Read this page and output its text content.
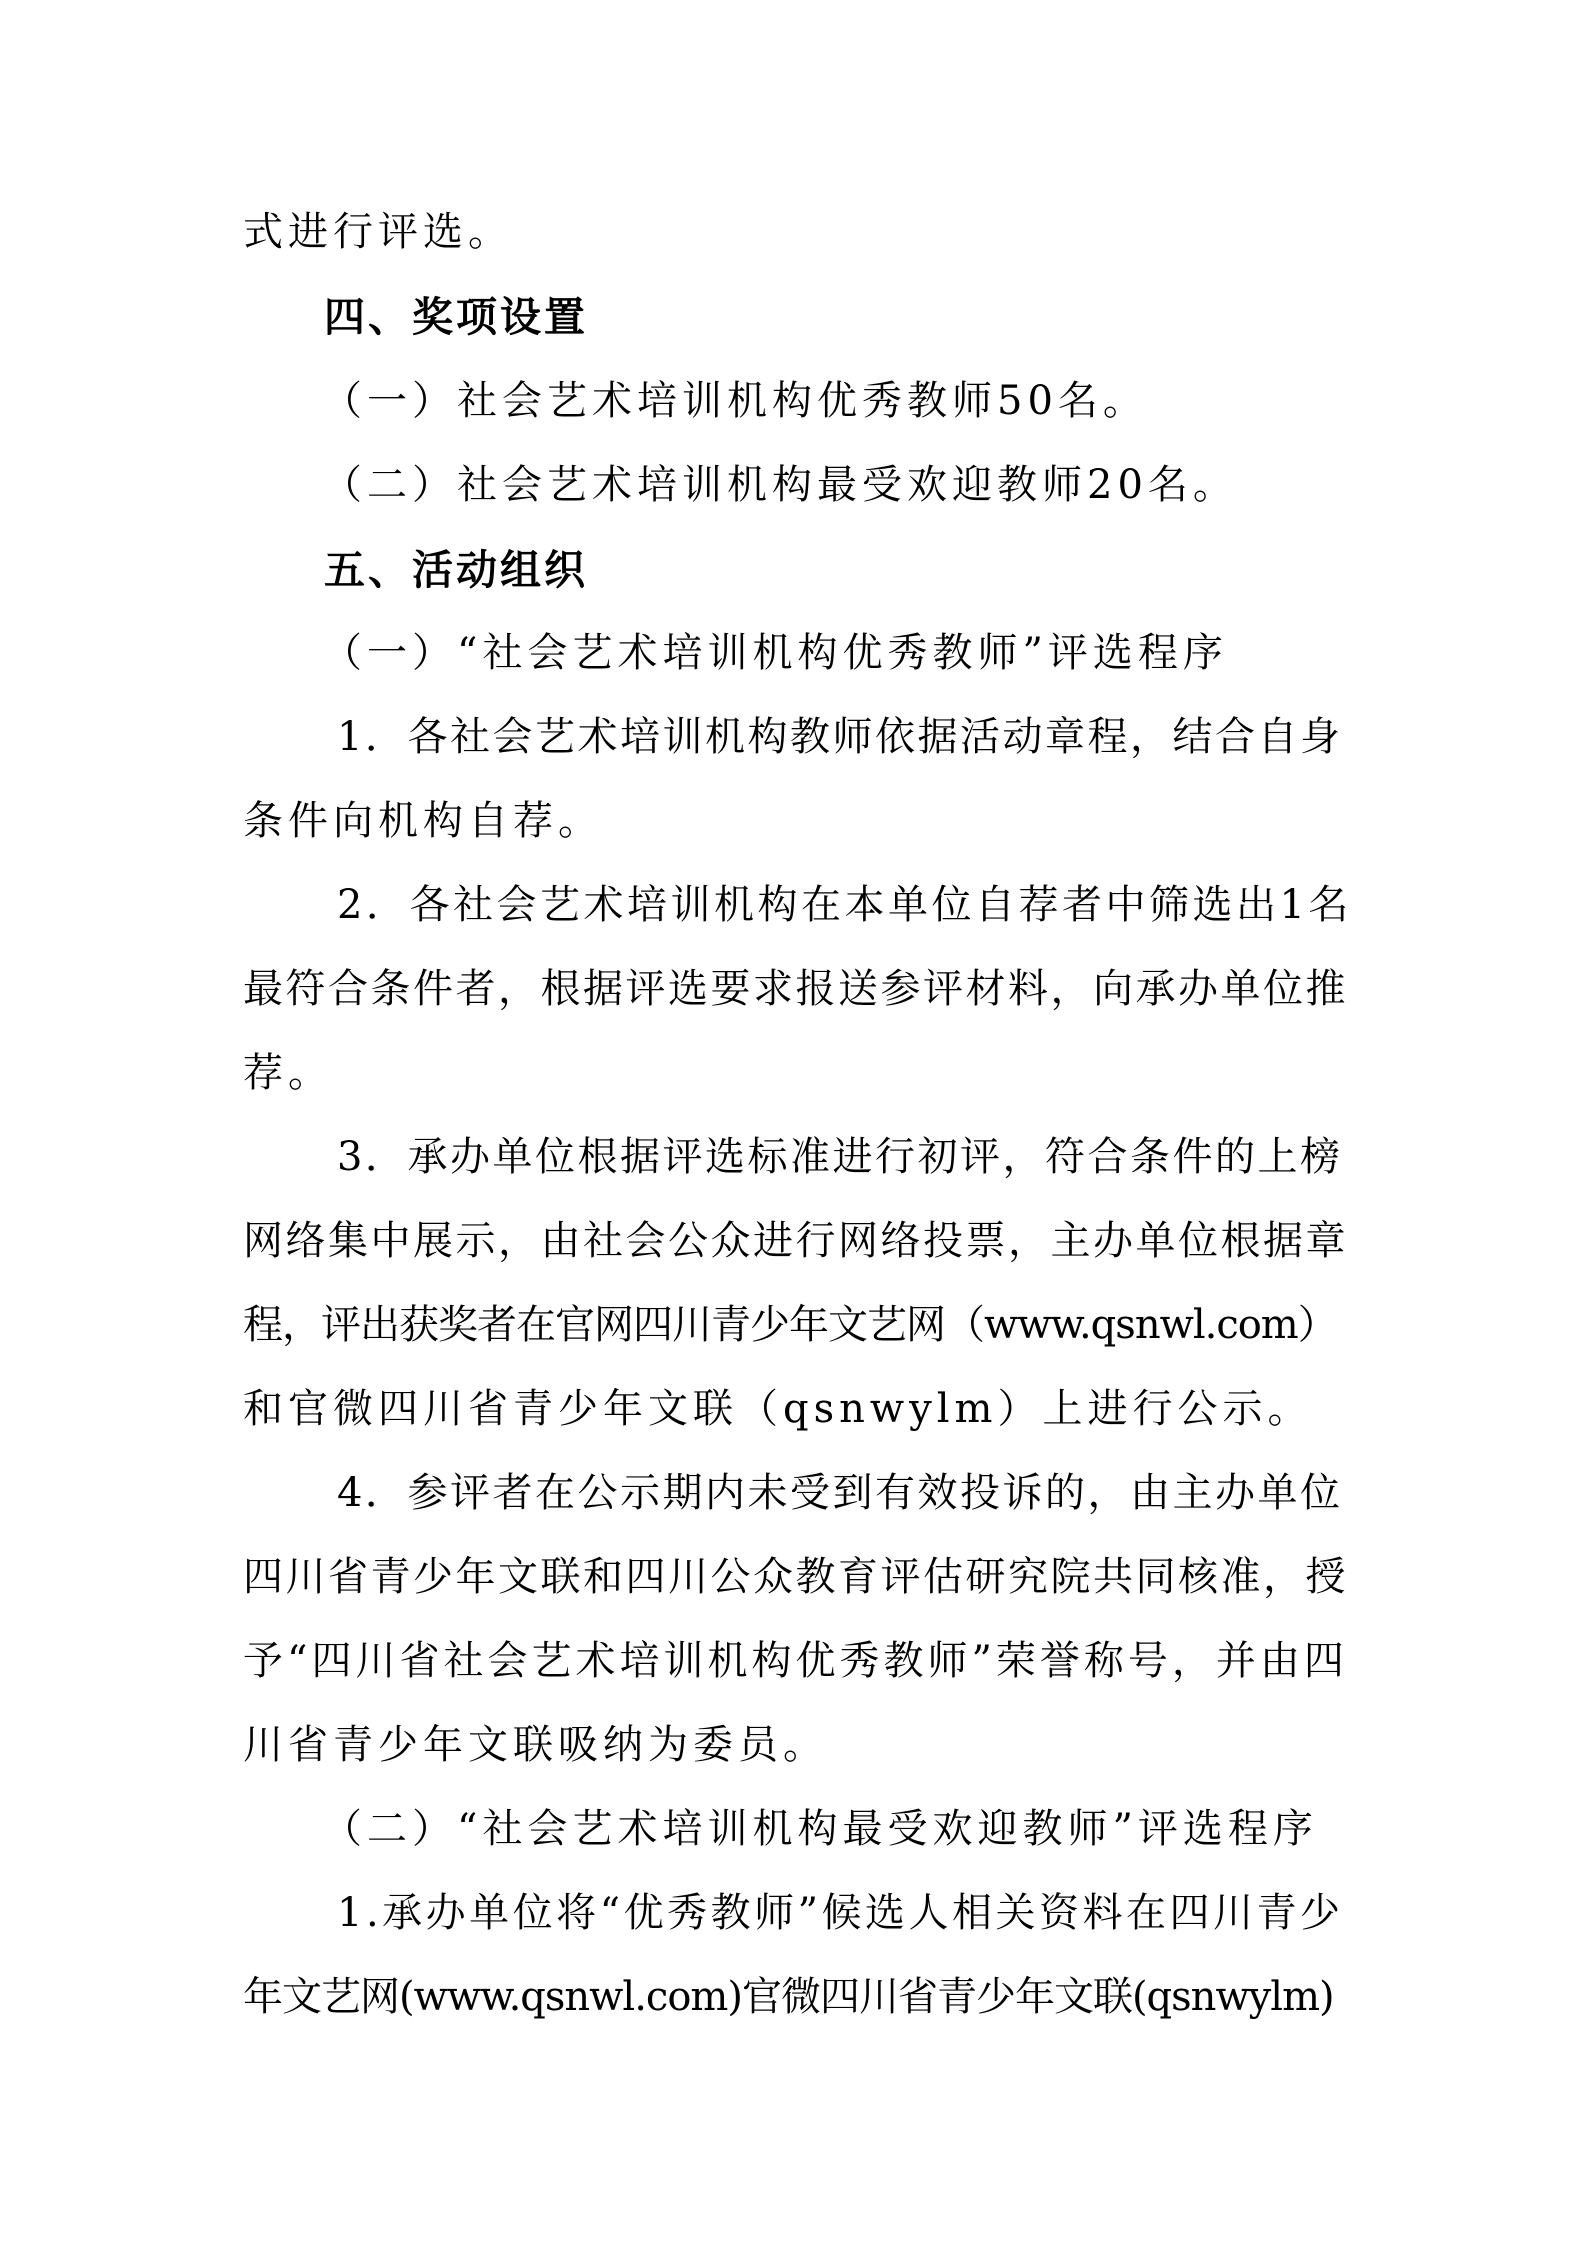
式进行评选。
四、奖项设置
（一）社会艺术培训机构优秀教师50名。
（二）社会艺术培训机构最受欢迎教师20名。
五、活动组织
（一）“社会艺术培训机构优秀教师”评选程序
1．各社会艺术培训机构教师依据活动章程，结合自身
条件向机构自荐。
2．各社会艺术培训机构在本单位自荐者中筛选出1名
最符合条件者，根据评选要求报送参评材料，向承办单位推
荐。
3．承办单位根据评选标准进行初评，符合条件的上榜
网络集中展示，由社会公众进行网络投票，主办单位根据章
程，评出获奖者在官网四川青少年文艺网（www.qsnwl.com）
和官微四川省青少年文联（qsnwylm）上进行公示。
4．参评者在公示期内未受到有效投诉的，由主办单位
四川省青少年文联和四川公众教育评估研究院共同核准，授
予“四川省社会艺术培训机构优秀教师”荣誉称号，并由四
川省青少年文联吸纳为委员。
（二）“社会艺术培训机构最受欢迎教师”评选程序
1.承办单位将“优秀教师”候选人相关资料在四川青少
年文艺网(www.qsnwl.com)官微四川省青少年文联(qsnwylm)
